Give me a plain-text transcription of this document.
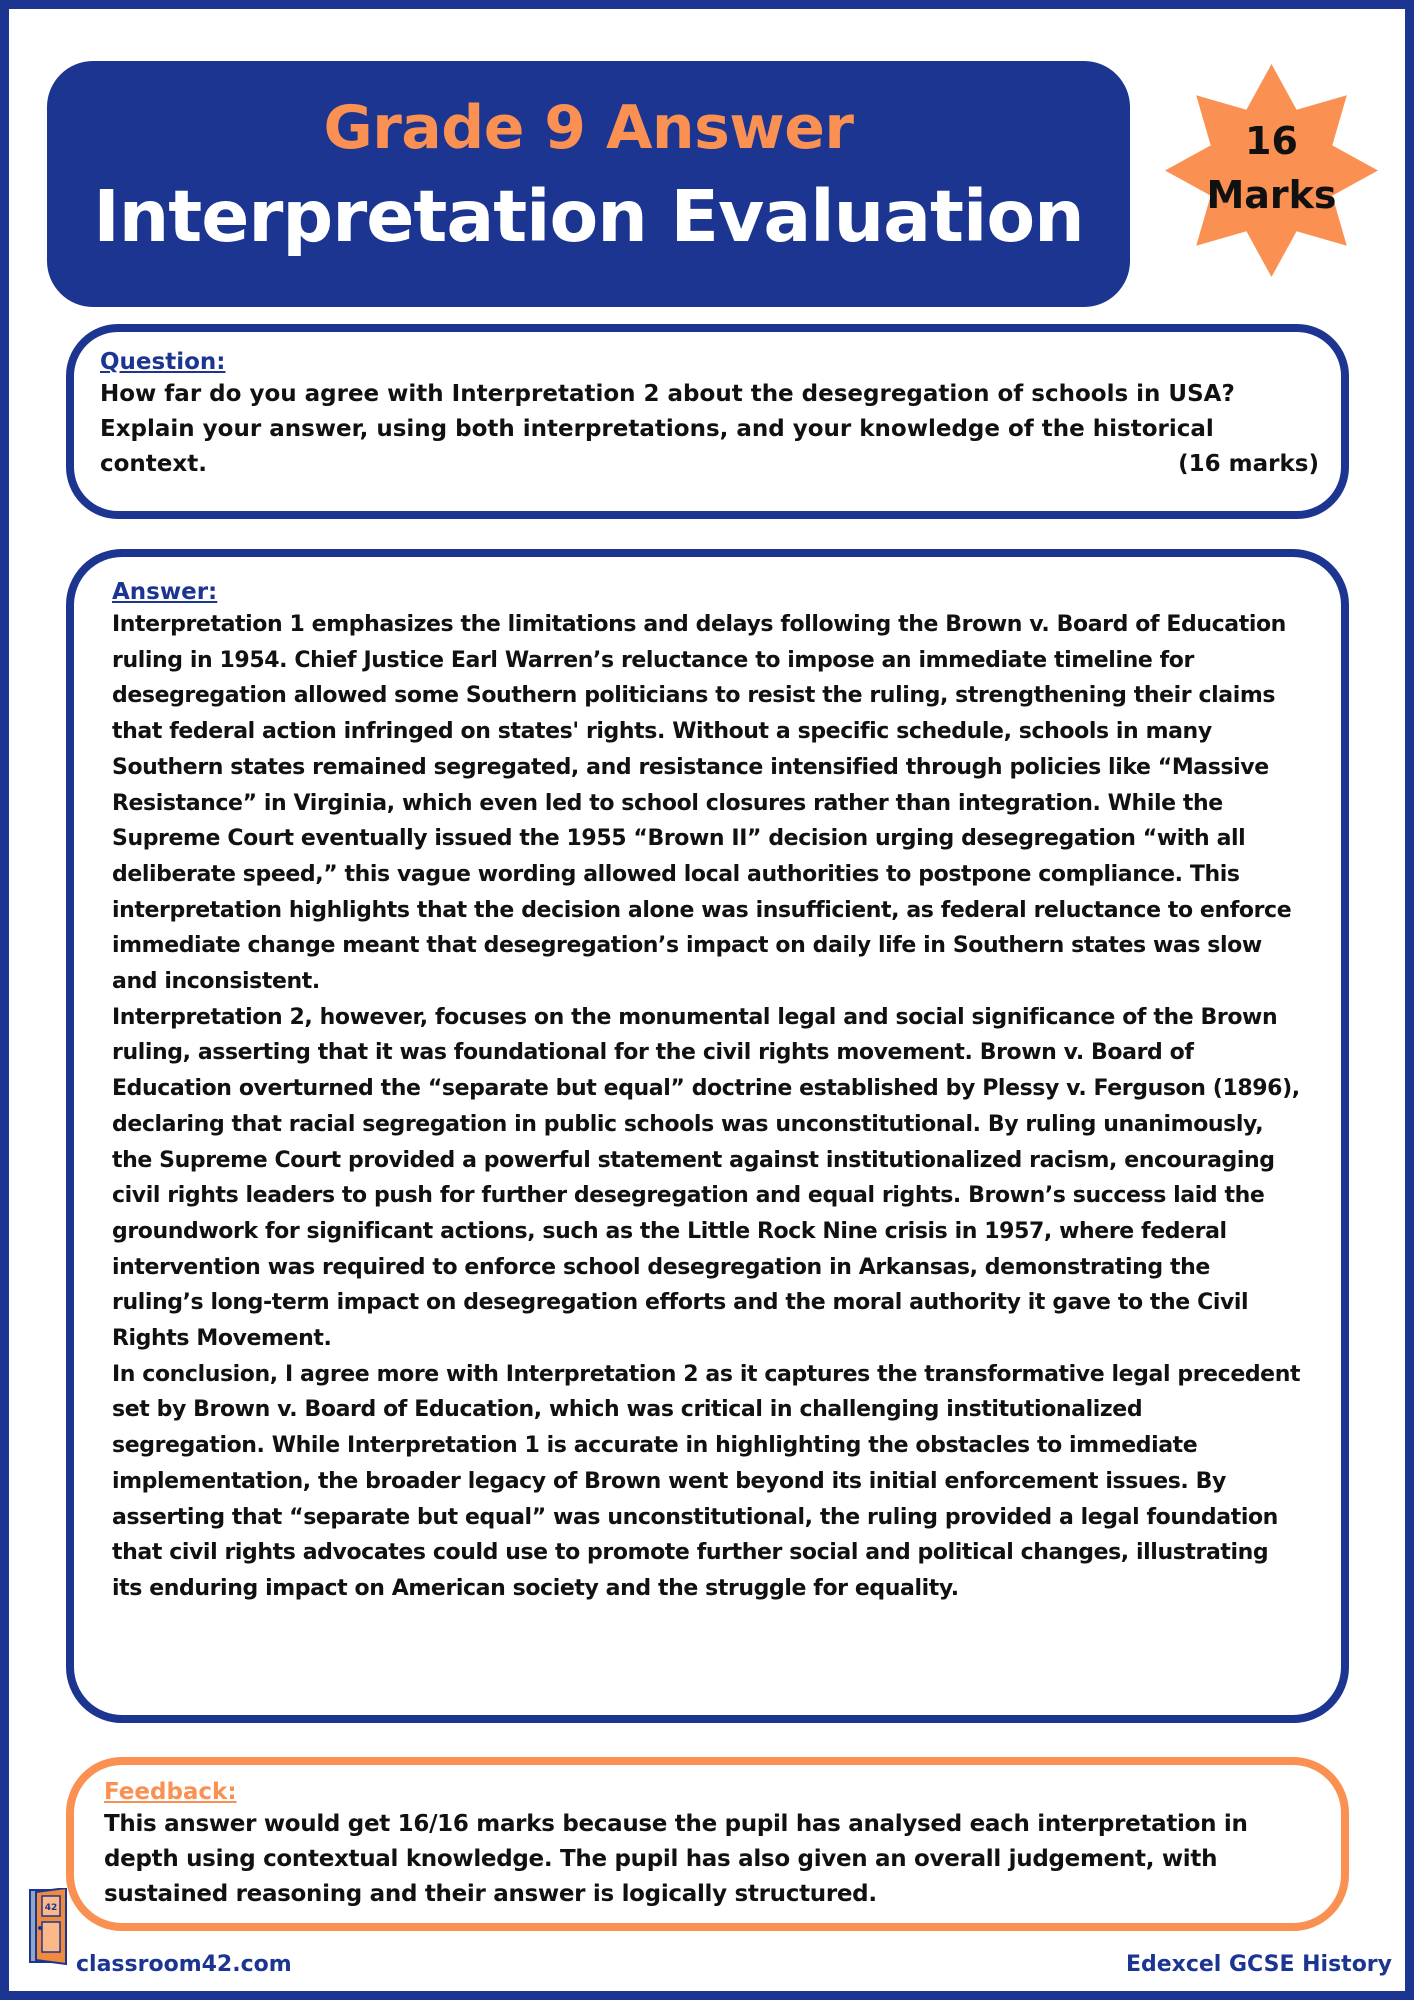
Grade 9 Answer
Interpretation Evaluation
16
Marks
Question:
How far do you agree with Interpretation 2 about the desegregation of schools in USA? Explain your answer, using both interpretations, and your knowledge of the historical context.	(16 marks)
Answer:

Interpretation 1 emphasizes the limitations and delays following the Brown v. Board of Education ruling in 1954. Chief Justice Earl Warren’s reluctance to impose an immediate timeline for desegregation allowed some Southern politicians to resist the ruling, strengthening their claims that federal action infringed on states' rights. Without a specific schedule, schools in many Southern states remained segregated, and resistance intensified through policies like “Massive Resistance” in Virginia, which even led to school closures rather than integration. While the Supreme Court eventually issued the 1955 “Brown II” decision urging desegregation “with all deliberate speed,” this vague wording allowed local authorities to postpone compliance. This interpretation highlights that the decision alone was insufficient, as federal reluctance to enforce immediate change meant that desegregation’s impact on daily life in Southern states was slow and inconsistent.

Interpretation 2, however, focuses on the monumental legal and social significance of the Brown ruling, asserting that it was foundational for the civil rights movement. Brown v. Board of Education overturned the “separate but equal” doctrine established by Plessy v. Ferguson (1896), declaring that racial segregation in public schools was unconstitutional. By ruling unanimously, the Supreme Court provided a powerful statement against institutionalized racism, encouraging civil rights leaders to push for further desegregation and equal rights. Brown’s success laid the groundwork for significant actions, such as the Little Rock Nine crisis in 1957, where federal intervention was required to enforce school desegregation in Arkansas, demonstrating the ruling’s long-term impact on desegregation efforts and the moral authority it gave to the Civil Rights Movement.

In conclusion, I agree more with Interpretation 2 as it captures the transformative legal precedent set by Brown v. Board of Education, which was critical in challenging institutionalized segregation. While Interpretation 1 is accurate in highlighting the obstacles to immediate implementation, the broader legacy of Brown went beyond its initial enforcement issues. By asserting that “separate but equal” was unconstitutional, the ruling provided a legal foundation that civil rights advocates could use to promote further social and political changes, illustrating its enduring impact on American society and the struggle for equality.

Feedback:
This answer would get 16/16 marks because the pupil has analysed each interpretation in depth using contextual knowledge. The pupil has also given an overall judgement, with sustained reasoning and their answer is logically structured.
42
classroom42.com	Edexcel GCSE History
